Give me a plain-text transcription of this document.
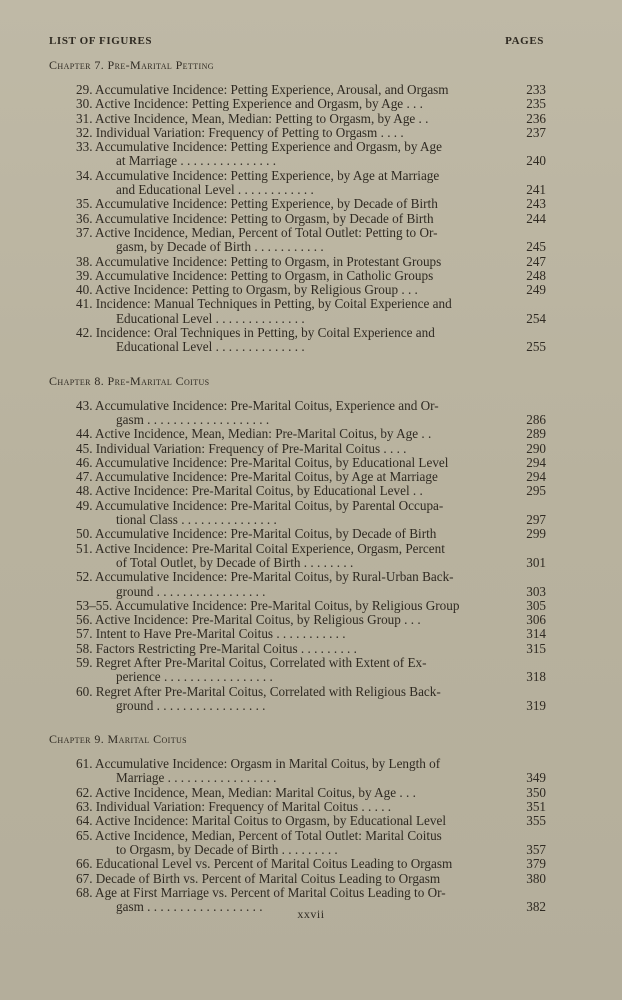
LIST OF FIGURES	PAGES
Chapter 7. Pre-Marital Petting
29. Accumulative Incidence: Petting Experience, Arousal, and Orgasm	233
30. Active Incidence: Petting Experience and Orgasm, by Age . . .	235
31. Active Incidence, Mean, Median: Petting to Orgasm, by Age . .	236
32. Individual Variation: Frequency of Petting to Orgasm . . . .	237
33. Accumulative Incidence: Petting Experience and Orgasm, by Age
at Marriage . . . . . . . . . . . . . . .	240
34. Accumulative Incidence: Petting Experience, by Age at Marriage
and Educational Level . . . . . . . . . . . .	241
35. Accumulative Incidence: Petting Experience, by Decade of Birth	243
36. Accumulative Incidence: Petting to Orgasm, by Decade of Birth	244
37. Active Incidence, Median, Percent of Total Outlet: Petting to Or-
gasm, by Decade of Birth . . . . . . . . . . .	245
38. Accumulative Incidence: Petting to Orgasm, in Protestant Groups	247
39. Accumulative Incidence: Petting to Orgasm, in Catholic Groups	248
40. Active Incidence: Petting to Orgasm, by Religious Group . . .	249
41. Incidence: Manual Techniques in Petting, by Coital Experience and
Educational Level . . . . . . . . . . . . . .	254
42. Incidence: Oral Techniques in Petting, by Coital Experience and
Educational Level . . . . . . . . . . . . . .	255
Chapter 8. Pre-Marital Coitus
43. Accumulative Incidence: Pre-Marital Coitus, Experience and Or-
gasm . . . . . . . . . . . . . . . . . . .	286
44. Active Incidence, Mean, Median: Pre-Marital Coitus, by Age . .	289
45. Individual Variation: Frequency of Pre-Marital Coitus . . . .	290
46. Accumulative Incidence: Pre-Marital Coitus, by Educational Level	294
47. Accumulative Incidence: Pre-Marital Coitus, by Age at Marriage	294
48. Active Incidence: Pre-Marital Coitus, by Educational Level . .	295
49. Accumulative Incidence: Pre-Marital Coitus, by Parental Occupa-
tional Class . . . . . . . . . . . . . . .	297
50. Accumulative Incidence: Pre-Marital Coitus, by Decade of Birth	299
51. Active Incidence: Pre-Marital Coital Experience, Orgasm, Percent
of Total Outlet, by Decade of Birth . . . . . . . .	301
52. Accumulative Incidence: Pre-Marital Coitus, by Rural-Urban Back-
ground . . . . . . . . . . . . . . . . .	303
53–55. Accumulative Incidence: Pre-Marital Coitus, by Religious Group	305
56. Active Incidence: Pre-Marital Coitus, by Religious Group . . .	306
57. Intent to Have Pre-Marital Coitus . . . . . . . . . . .	314
58. Factors Restricting Pre-Marital Coitus . . . . . . . . .	315
59. Regret After Pre-Marital Coitus, Correlated with Extent of Ex-
perience . . . . . . . . . . . . . . . . .	318
60. Regret After Pre-Marital Coitus, Correlated with Religious Back-
ground . . . . . . . . . . . . . . . . .	319
Chapter 9. Marital Coitus
61. Accumulative Incidence: Orgasm in Marital Coitus, by Length of
Marriage . . . . . . . . . . . . . . . . .	349
62. Active Incidence, Mean, Median: Marital Coitus, by Age . . .	350
63. Individual Variation: Frequency of Marital Coitus . . . . .	351
64. Active Incidence: Marital Coitus to Orgasm, by Educational Level	355
65. Active Incidence, Median, Percent of Total Outlet: Marital Coitus
to Orgasm, by Decade of Birth . . . . . . . . .	357
66. Educational Level vs. Percent of Marital Coitus Leading to Orgasm	379
67. Decade of Birth vs. Percent of Marital Coitus Leading to Orgasm	380
68. Age at First Marriage vs. Percent of Marital Coitus Leading to Or-
gasm . . . . . . . . . . . . . . . . . .	382
xxvii
